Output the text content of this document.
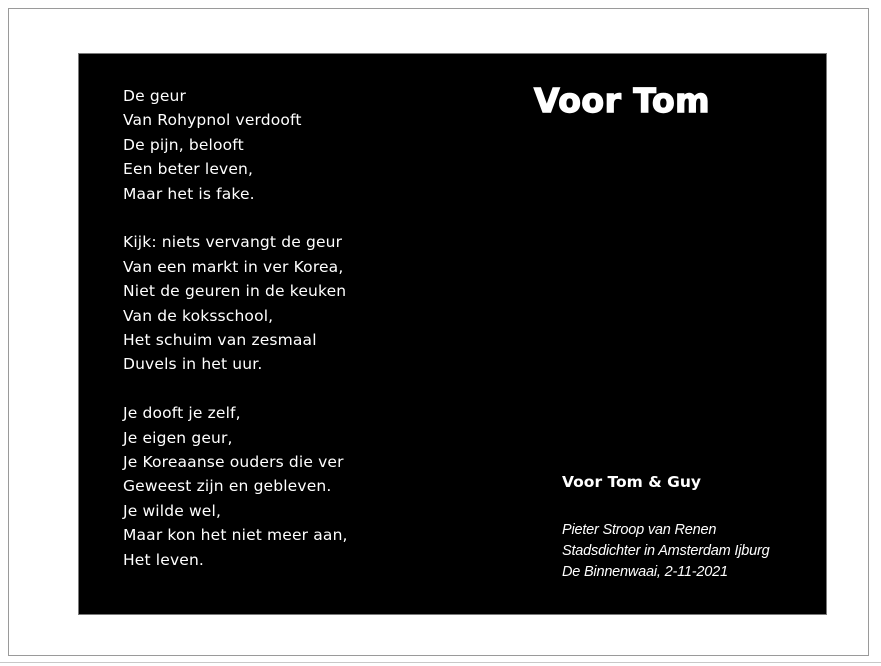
De geur
Van Rohypnol verdooft
De pijn, belooft
Een beter leven,
Maar het is fake.
Kijk: niets vervangt de geur
Van een markt in ver Korea,
Niet de geuren in de keuken
Van de koksschool,
Het schuim van zesmaal
Duvels in het uur.
Je dooft je zelf,
Je eigen geur,
Je Koreaanse ouders die ver
Geweest zijn en gebleven.
Je wilde wel,
Maar kon het niet meer aan,
Het leven.
Voor Tom
Voor Tom & Guy
Pieter Stroop van Renen
Stadsdichter in Amsterdam Ijburg
De Binnenwaai, 2-11-2021
